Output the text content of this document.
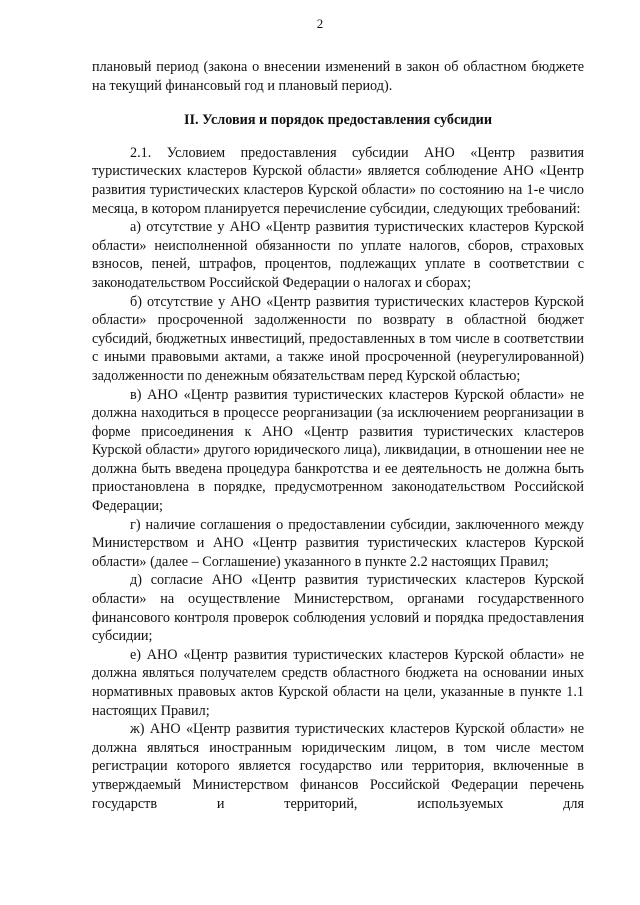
2

плановый период (закона о внесении изменений в закон об областном бюджете на текущий финансовый год и плановый период).

II. Условия и порядок предоставления субсидии

2.1. Условием предоставления субсидии АНО «Центр развития туристических кластеров Курской области» является соблюдение АНО «Центр развития туристических кластеров Курской области» по состоянию на 1-е число месяца, в котором планируется перечисление субсидии, следующих требований:

а) отсутствие у АНО «Центр развития туристических кластеров Курской области» неисполненной обязанности по уплате налогов, сборов, страховых взносов, пеней, штрафов, процентов, подлежащих уплате в соответствии с законодательством Российской Федерации о налогах и сборах;

б) отсутствие у АНО «Центр развития туристических кластеров Курской области» просроченной задолженности по возврату в областной бюджет субсидий, бюджетных инвестиций, предоставленных в том числе в соответствии с иными правовыми актами, а также иной просроченной (неурегулированной) задолженности по денежным обязательствам перед Курской областью;

в) АНО «Центр развития туристических кластеров Курской области» не должна находиться в процессе реорганизации (за исключением реорганизации в форме присоединения к АНО «Центр развития туристических кластеров Курской области» другого юридического лица), ликвидации, в отношении нее не должна быть введена процедура банкротства и ее деятельность не должна быть приостановлена в порядке, предусмотренном законодательством Российской Федерации;

г) наличие соглашения о предоставлении субсидии, заключенного между Министерством и АНО «Центр развития туристических кластеров Курской области» (далее – Соглашение) указанного в пункте 2.2 настоящих Правил;

д) согласие АНО «Центр развития туристических кластеров Курской области» на осуществление Министерством, органами государственного финансового контроля проверок соблюдения условий и порядка предоставления субсидии;

е) АНО «Центр развития туристических кластеров Курской области» не должна являться получателем средств областного бюджета на основании иных нормативных правовых актов Курской области на цели, указанные в пункте 1.1 настоящих Правил;

ж) АНО «Центр развития туристических кластеров Курской области» не должна являться иностранным юридическим лицом, в том числе местом регистрации которого является государство или территория, включенные в утверждаемый Министерством финансов Российской Федерации перечень государств и территорий, используемых для
